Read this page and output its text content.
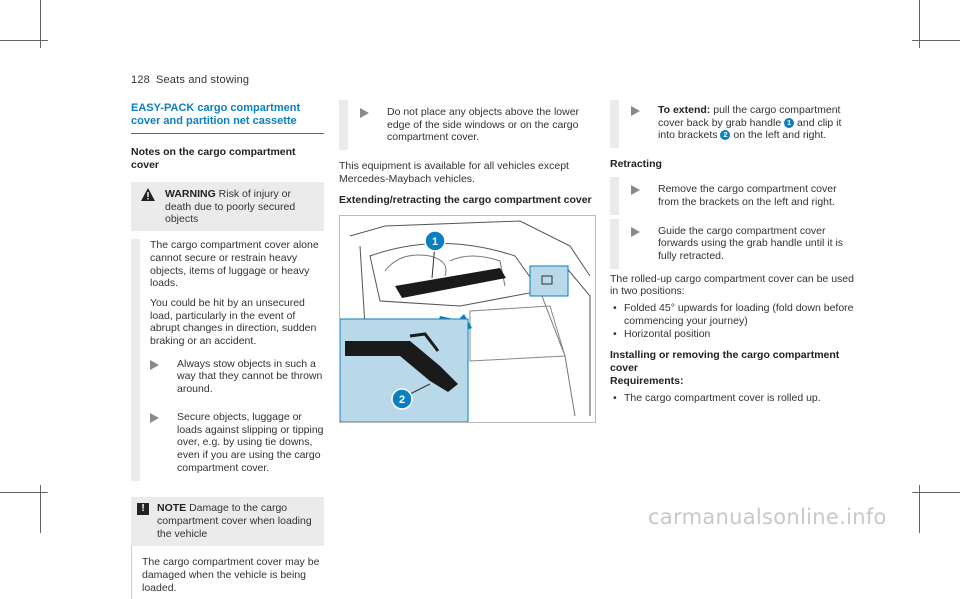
128 Seats and stowing
EASY-PACK cargo compartment cover and partition net cassette
Notes on the cargo compartment cover

WARNING Risk of injury or death due to poorly secured objects

The cargo compartment cover alone cannot secure or restrain heavy objects, items of luggage or heavy loads.

You could be hit by an unsecured load, particularly in the event of abrupt changes in direction, sudden braking or an accident.

Always stow objects in such a way that they cannot be thrown around.

Secure objects, luggage or loads against slipping or tipping over, e.g. by using tie downs, even if you are using the cargo compartment cover.

!	NOTE Damage to the cargo compartment cover when loading the vehicle

The cargo compartment cover may be damaged when the vehicle is being loaded.

Do not place any objects above the lower edge of the side windows or on the cargo compartment cover.

This equipment is available for all vehicles except Mercedes-Maybach vehicles.

Extending/retracting the cargo compartment cover
1
2

To extend: pull the cargo compartment cover back by grab handle 1 and clip it into brackets 2 on the left and right.

Retracting

Remove the cargo compartment cover from the brackets on the left and right.

Guide the cargo compartment cover forwards using the grab handle until it is fully retracted.

The rolled-up cargo compartment cover can be used in two positions:

• Folded 45° upwards for loading (fold down before commencing your journey)
• Horizontal position
Installing or removing the cargo compartment cover
Requirements:
• The cargo compartment cover is rolled up.
carmanualsonline.info
